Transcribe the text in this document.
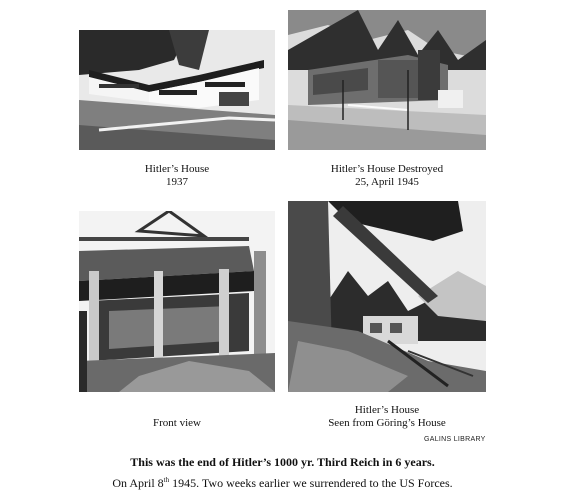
Hitler’s House
1937
Hitler’s House Destroyed
25, April 1945
Front view
Hitler’s House
Seen from Göring’s House
GALINS LIBRARY
This was the end of Hitler’s 1000 yr. Third Reich in 6 years.
On April 8th 1945. Two weeks earlier we surrendered to the US Forces.
